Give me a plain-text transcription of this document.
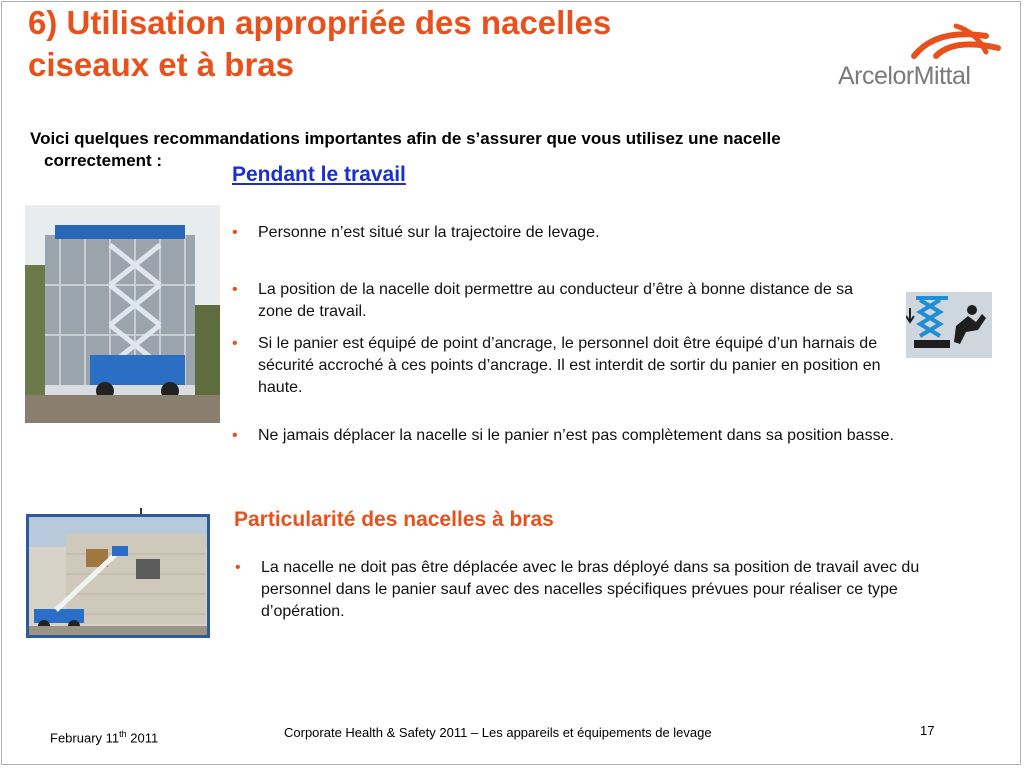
6) Utilisation appropriée des nacelles
ciseaux et à bras	ArcelorMittal
Voici quelques recommandations importantes afin de s’assurer que vous utilisez une nacelle
correctement :
Pendant le travail
• Personne n’est situé sur la trajectoire de levage.
• La position de la nacelle doit permettre au conducteur d’être à bonne distance de sa zone de travail.
• Si le panier est équipé de point d’ancrage, le personnel doit être équipé d’un harnais de sécurité accroché à ces points d’ancrage. Il est interdit de sortir du panier en position en haute.
• Ne jamais déplacer la nacelle si le panier n’est pas complètement dans sa position basse.
Particularité des nacelles à bras
• La nacelle ne doit pas être déplacée avec le bras déployé dans sa position de travail avec du personnel dans le panier sauf avec des nacelles spécifiques prévues pour réaliser ce type d’opération.
February 11th 2011	Corporate Health & Safety 2011 – Les appareils et équipements de levage	17
